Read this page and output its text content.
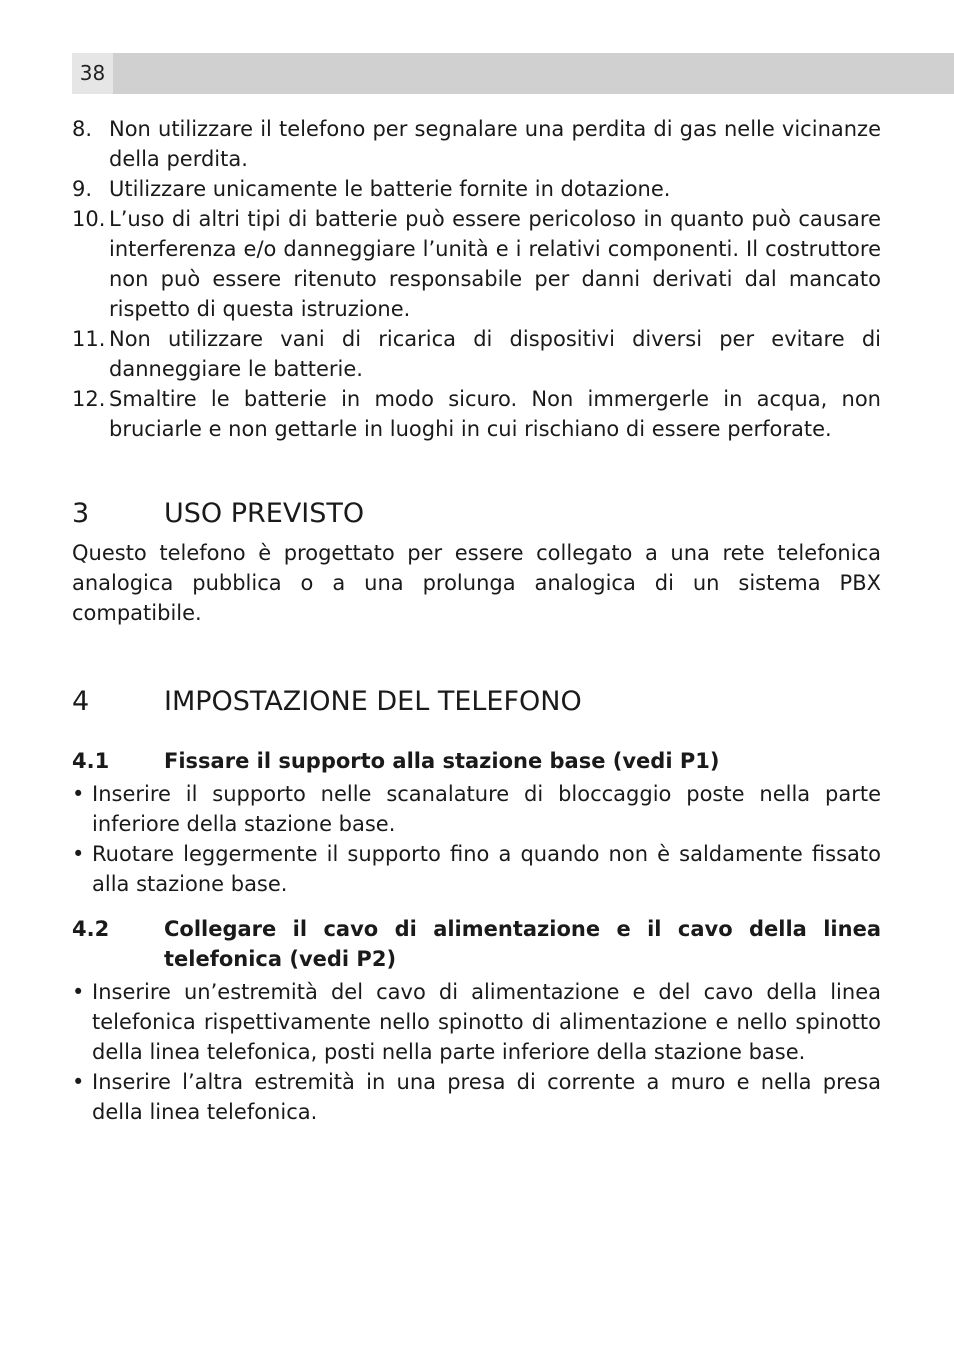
38
8. Non utilizzare il telefono per segnalare una perdita di gas nelle vicinanze della perdita.
9. Utilizzare unicamente le batterie fornite in dotazione.
10. L’uso di altri tipi di batterie può essere pericoloso in quanto può causare interferenza e/o danneggiare l’unità e i relativi componenti. Il costruttore non può essere ritenuto responsabile per danni derivati dal mancato rispetto di questa istruzione.
11. Non utilizzare vani di ricarica di dispositivi diversi per evitare di danneggiare le batterie.
12. Smaltire le batterie in modo sicuro. Non immergerle in acqua, non bruciarle e non gettarle in luoghi in cui rischiano di essere perforate.
3	USO PREVISTO

Questo telefono è progettato per essere collegato a una rete telefonica analogica pubblica o a una prolunga analogica di un sistema PBX compatibile.

4	IMPOSTAZIONE DEL TELEFONO
4.1	Fissare il supporto alla stazione base (vedi P1)
• Inserire il supporto nelle scanalature di bloccaggio poste nella parte inferiore della stazione base.
• Ruotare leggermente il supporto fino a quando non è saldamente fissato alla stazione base.
4.2	Collegare il cavo di alimentazione e il cavo della linea telefonica (vedi P2)
• Inserire un’estremità del cavo di alimentazione e del cavo della linea telefonica rispettivamente nello spinotto di alimentazione e nello spinotto della linea telefonica, posti nella parte inferiore della stazione base.
• Inserire l’altra estremità in una presa di corrente a muro e nella presa della linea telefonica.
